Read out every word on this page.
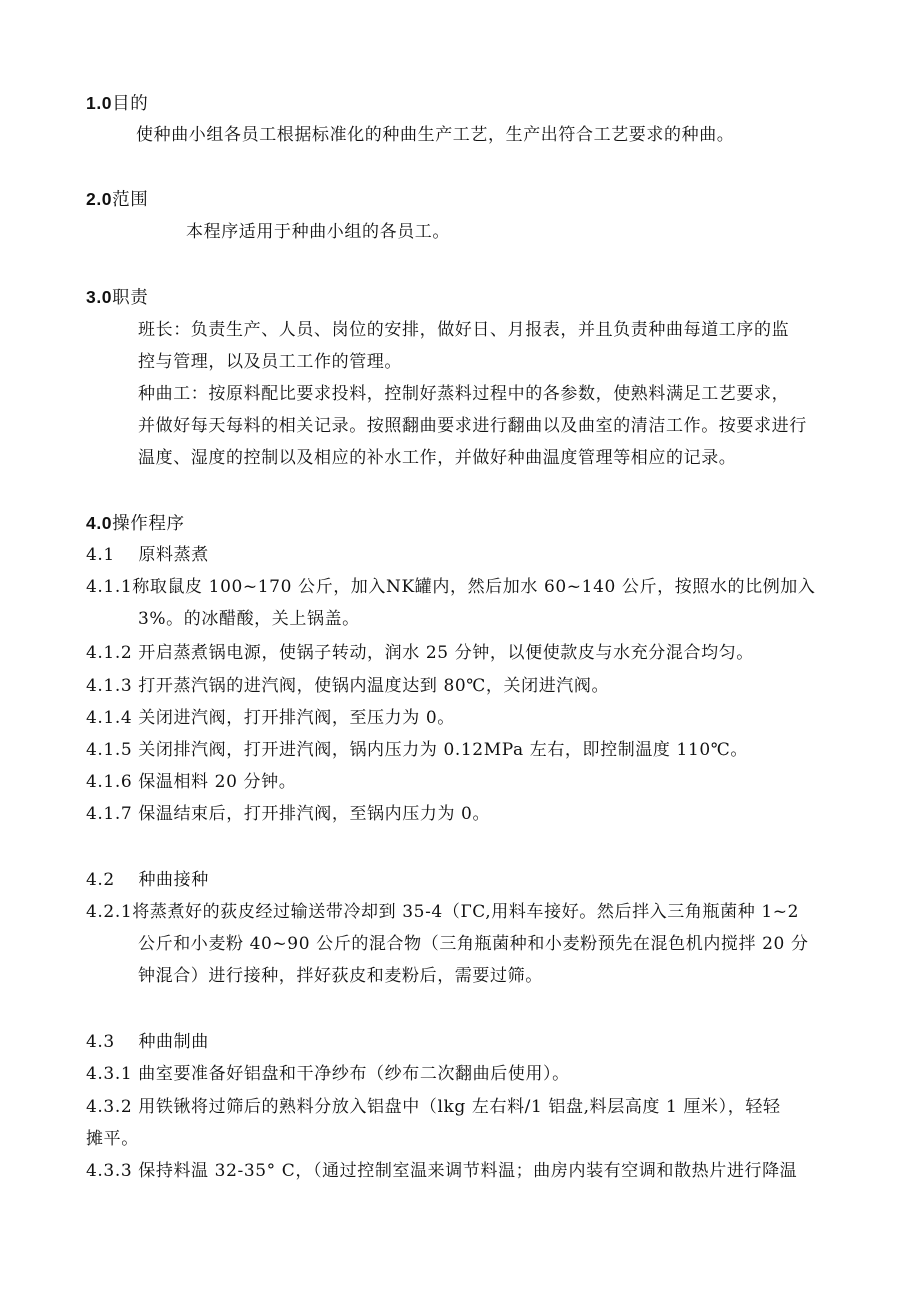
1.0目的
使种曲小组各员工根据标准化的种曲生产工艺，生产出符合工艺要求的种曲。
2.0范围
本程序适用于种曲小组的各员工。
3.0职责
班长：负责生产、人员、岗位的安排，做好日、月报表，并且负责种曲每道工序的监
控与管理，以及员工工作的管理。
种曲工：按原料配比要求投料，控制好蒸料过程中的各参数，使熟料满足工艺要求，
并做好每天每料的相关记录。按照翻曲要求进行翻曲以及曲室的清洁工作。按要求进行
温度、湿度的控制以及相应的补水工作，并做好种曲温度管理等相应的记录。
4.0操作程序
4.1　 原料蒸煮
4.1.1称取鼠皮 100~170 公斤，加入NK罐内，然后加水 60~140 公斤，按照水的比例加入
3%。的冰醋酸，关上锅盖。
4.1.2 开启蒸煮锅电源，使锅子转动，润水 25 分钟，以便使款皮与水充分混合均匀。
4.1.3 打开蒸汽锅的进汽阀，使锅内温度达到 80℃，关闭进汽阀。
4.1.4 关闭进汽阀，打开排汽阀，至压力为 0。
4.1.5 关闭排汽阀，打开进汽阀，锅内压力为 0.12MPa 左右，即控制温度 110℃。
4.1.6 保温相料 20 分钟。
4.1.7 保温结束后，打开排汽阀，至锅内压力为 0。
4.2　 种曲接种
4.2.1将蒸煮好的荻皮经过输送带冷却到 35-4（ГC,用料车接好。然后拌入三角瓶菌种 1~2
公斤和小麦粉 40~90 公斤的混合物（三角瓶菌种和小麦粉预先在混色机内搅拌 20 分
钟混合）进行接种，拌好荻皮和麦粉后，需要过筛。
4.3　 种曲制曲
4.3.1 曲室要准备好铝盘和干净纱布（纱布二次翻曲后使用）。
4.3.2 用铁锹将过筛后的熟料分放入铝盘中（lkg 左右料/1 铝盘,料层高度 1 厘米），轻轻
摊平。
4.3.3 保持料温 32-35° C，（通过控制室温来调节料温；曲房内装有空调和散热片进行降温
